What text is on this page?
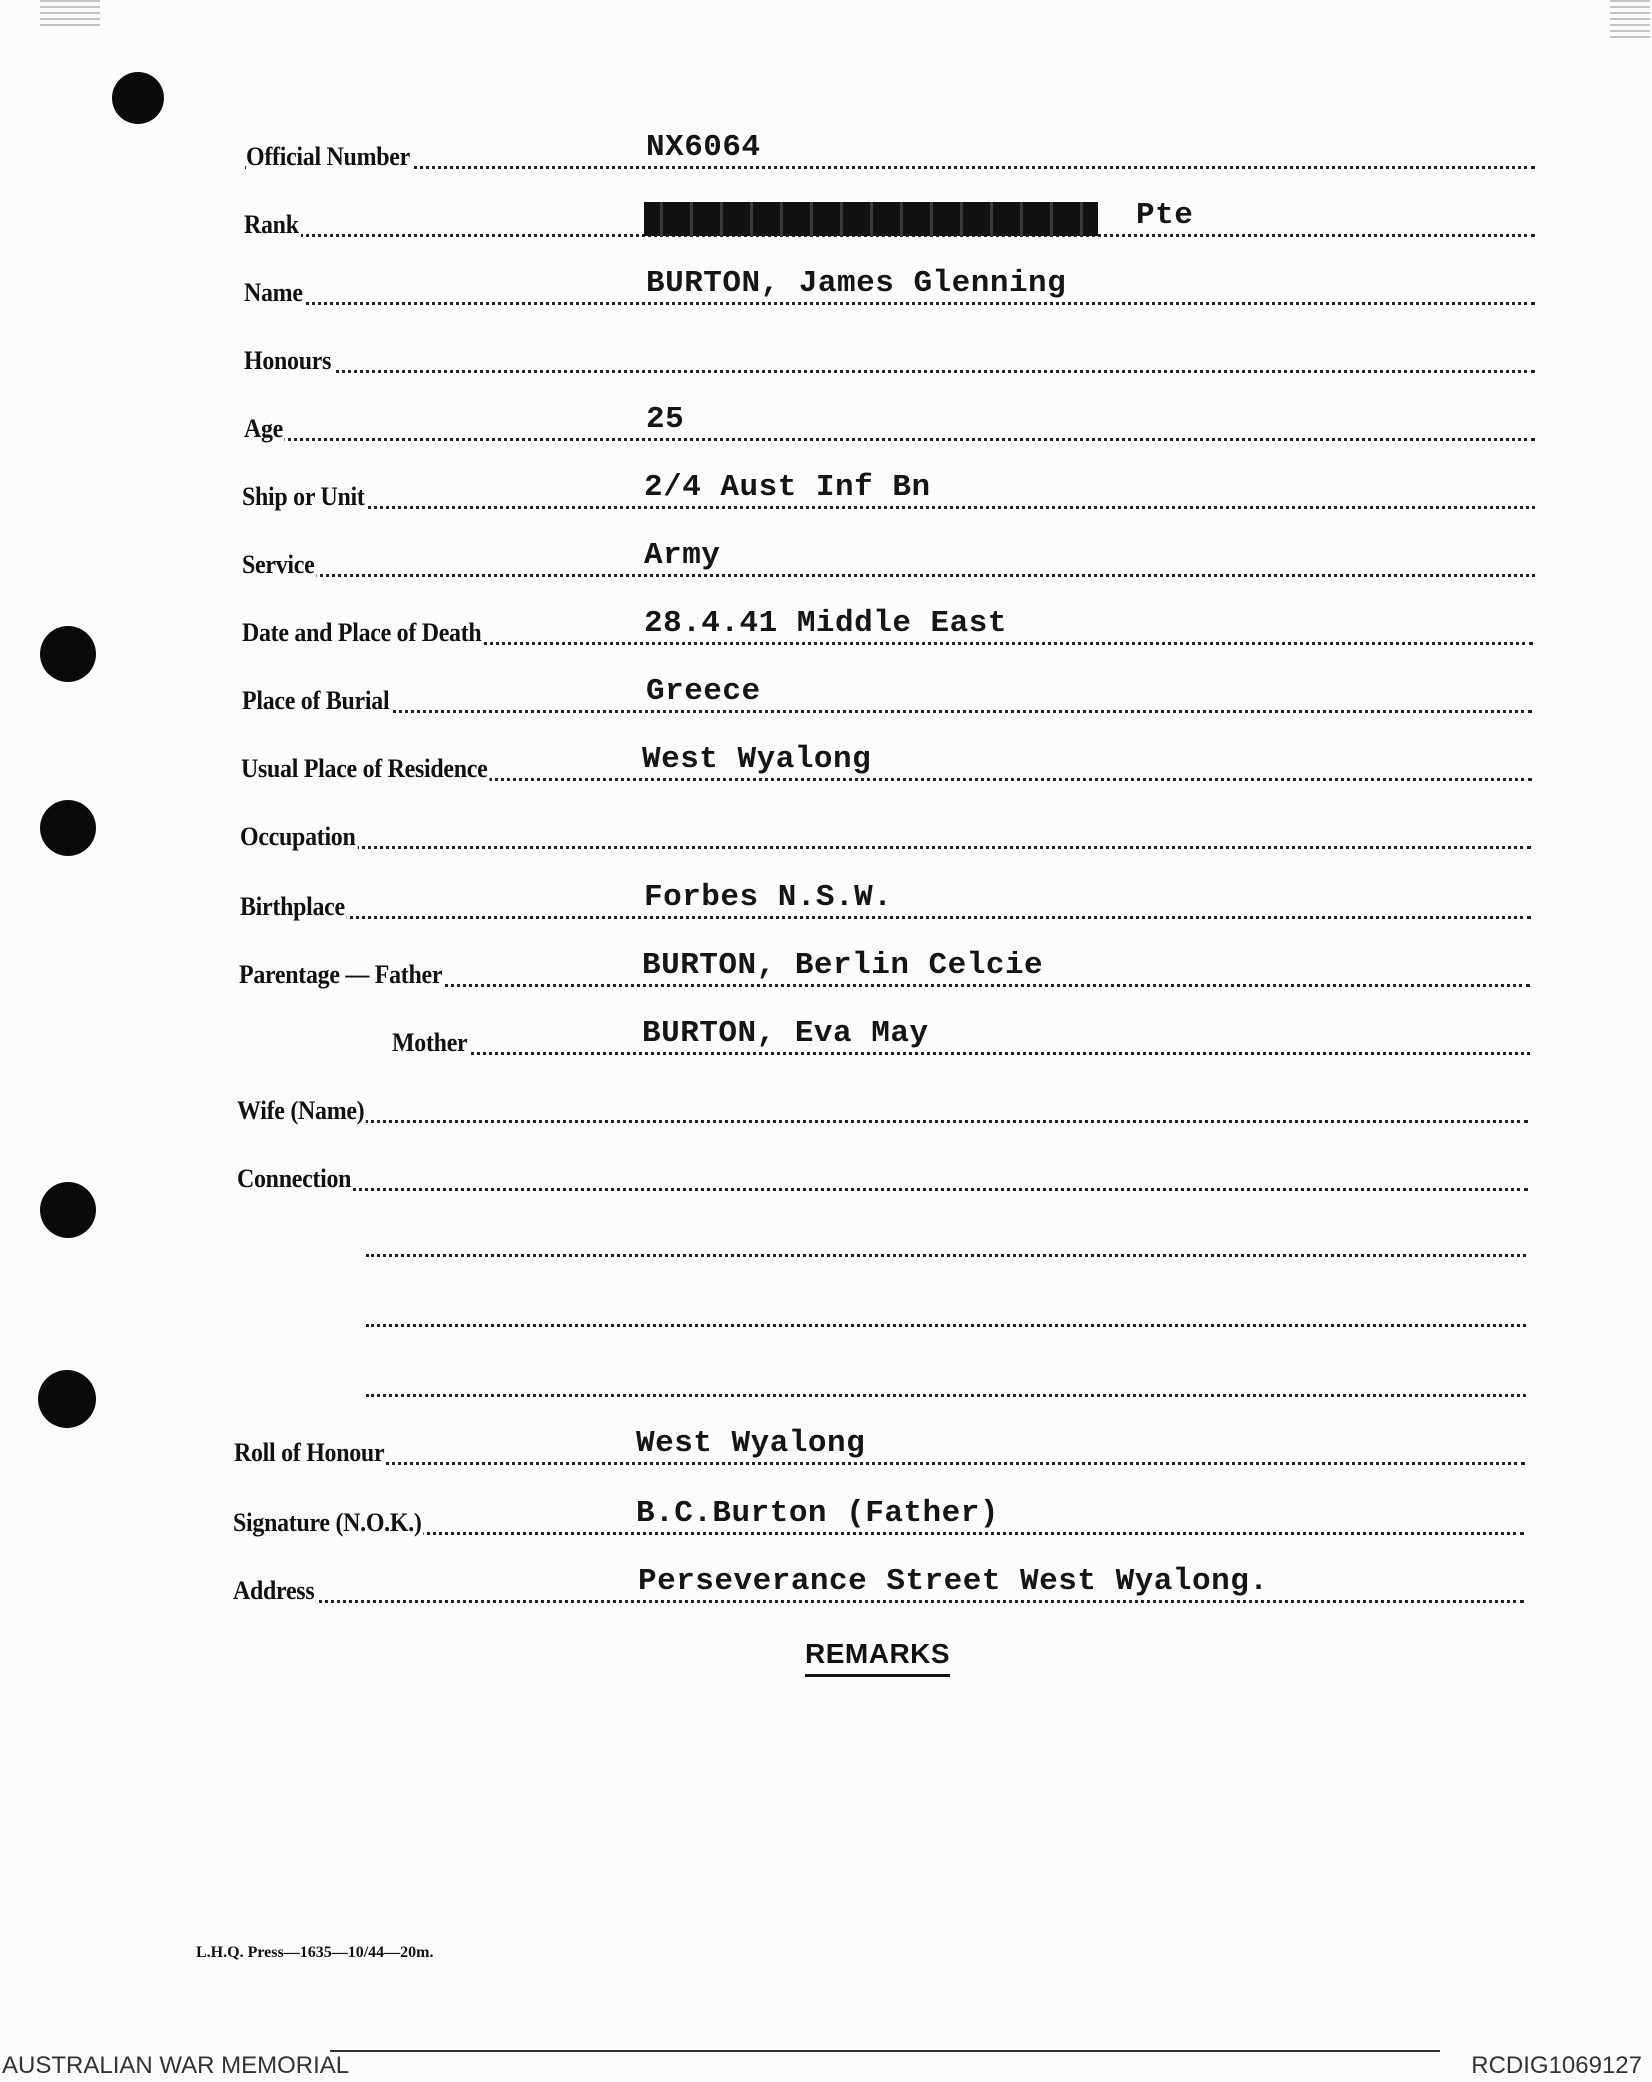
Official Number	NX6064
Rank	Pte
Name	BURTON, James Glenning
Honours
Age	25
Ship or Unit	2/4 Aust Inf Bn
Service	Army
Date and Place of Death	28.4.41 Middle East
Place of Burial	Greece
Usual Place of Residence	West Wyalong
Occupation
Birthplace	Forbes N.S.W.
Parentage — Father	BURTON, Berlin Celcie
Mother	BURTON, Eva May
Wife (Name)
Connection
Roll of Honour	West Wyalong
Signature (N.O.K.)	B.C.Burton (Father)
Address	Perseverance Street West Wyalong.
REMARKS
L.H.Q. Press—1635—10/44—20m.
AUSTRALIAN WAR MEMORIAL	RCDIG1069127
